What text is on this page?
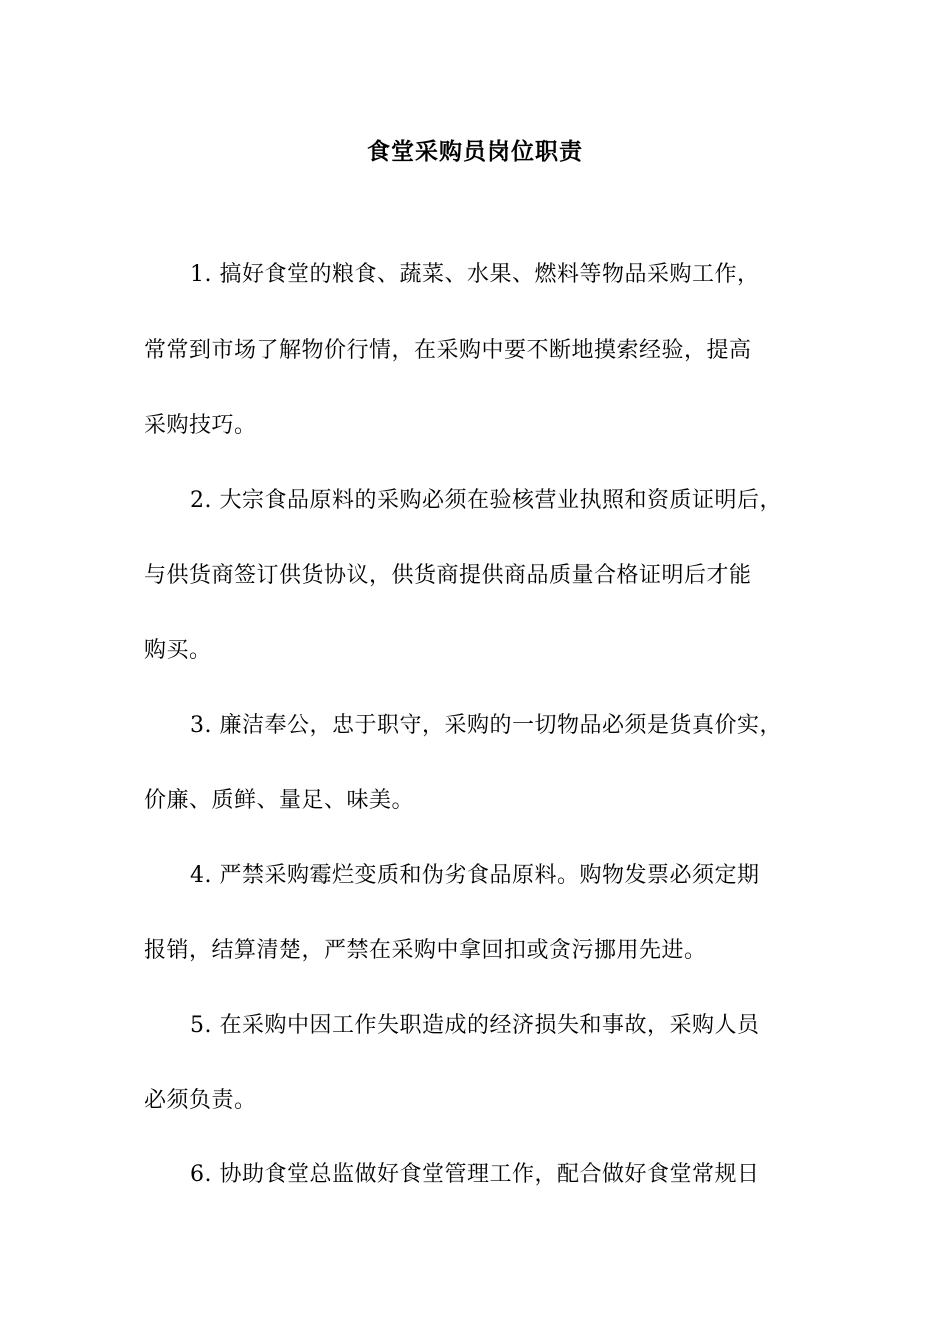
食堂采购员岗位职责
1. 搞好食堂的粮食、蔬菜、水果、燃料等物品采购工作，
常常到市场了解物价行情，在采购中要不断地摸索经验，提高
采购技巧。
2. 大宗食品原料的采购必须在验核营业执照和资质证明后，
与供货商签订供货协议，供货商提供商品质量合格证明后才能
购买。
3. 廉洁奉公，忠于职守，采购的一切物品必须是货真价实，
价廉、质鲜、量足、味美。
4. 严禁采购霉烂变质和伪劣食品原料。购物发票必须定期
报销，结算清楚，严禁在采购中拿回扣或贪污挪用先进。
5. 在采购中因工作失职造成的经济损失和事故，采购人员
必须负责。
6. 协助食堂总监做好食堂管理工作，配合做好食堂常规日
